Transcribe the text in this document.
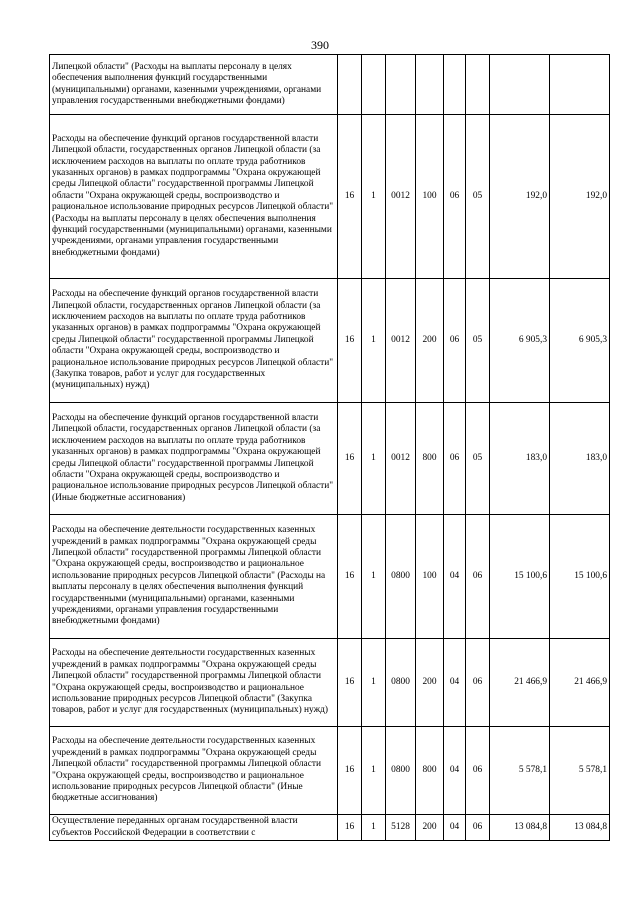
390
Липецкой области" (Расходы на выплаты персоналу в целях обеспечения выполнения функций государственными (муниципальными) органами, казенными учреждениями, органами управления государственными внебюджетными фондами)								
Расходы на обеспечение функций органов государственной власти Липецкой области, государственных органов Липецкой области (за исключением расходов на выплаты по оплате труда работников указанных органов) в рамках подпрограммы "Охрана окружающей среды Липецкой области" государственной программы Липецкой области "Охрана окружающей среды, воспроизводство и рациональное использование природных ресурсов Липецкой области" (Расходы на выплаты персоналу в целях обеспечения выполнения функций государственными (муниципальными) органами, казенными учреждениями, органами управления государственными внебюджетными фондами)	16	1	0012	100	06	05	192,0	192,0
Расходы на обеспечение функций органов государственной власти Липецкой области, государственных органов Липецкой области (за исключением расходов на выплаты по оплате труда работников указанных органов) в рамках подпрограммы "Охрана окружающей среды Липецкой области" государственной программы Липецкой области "Охрана окружающей среды, воспроизводство и рациональное использование природных ресурсов Липецкой области" (Закупка товаров, работ и услуг для государственных (муниципальных) нужд)	16	1	0012	200	06	05	6 905,3	6 905,3
Расходы на обеспечение функций органов государственной власти Липецкой области, государственных органов Липецкой области (за исключением расходов на выплаты по оплате труда работников указанных органов) в рамках подпрограммы "Охрана окружающей среды Липецкой области" государственной программы Липецкой области "Охрана окружающей среды, воспроизводство и рациональное использование природных ресурсов Липецкой области" (Иные бюджетные ассигнования)	16	1	0012	800	06	05	183,0	183,0
Расходы на обеспечение деятельности государственных казенных учреждений в рамках подпрограммы "Охрана окружающей среды Липецкой области" государственной программы Липецкой области "Охрана окружающей среды, воспроизводство и рациональное использование природных ресурсов Липецкой области" (Расходы на выплаты персоналу в целях обеспечения выполнения функций государственными (муниципальными) органами, казенными учреждениями, органами управления государственными внебюджетными фондами)	16	1	0800	100	04	06	15 100,6	15 100,6
Расходы на обеспечение деятельности государственных казенных учреждений в рамках подпрограммы "Охрана окружающей среды Липецкой области" государственной программы Липецкой области "Охрана окружающей среды, воспроизводство и рациональное использование природных ресурсов Липецкой области" (Закупка товаров, работ и услуг для государственных (муниципальных) нужд)	16	1	0800	200	04	06	21 466,9	21 466,9
Расходы на обеспечение деятельности государственных казенных учреждений в рамках подпрограммы "Охрана окружающей среды Липецкой области" государственной программы Липецкой области "Охрана окружающей среды, воспроизводство и рациональное использование природных ресурсов Липецкой области" (Иные бюджетные ассигнования)	16	1	0800	800	04	06	5 578,1	5 578,1
Осуществление переданных органам государственной власти субъектов Российской Федерации в соответствии с	16	1	5128	200	04	06	13 084,8	13 084,8
